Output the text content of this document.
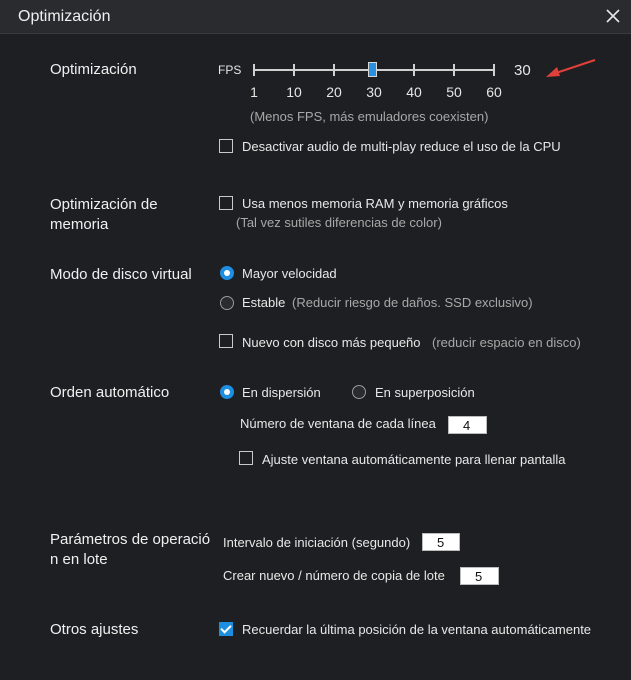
Optimización
Optimización	FPS
1	10	20	30	40	50	60
30
(Menos FPS, más emuladores coexisten)
Desactivar audio de multi-play reduce el uso de la CPU
Optimización de
memoria
Usa menos memoria RAM y memoria gráficos
(Tal vez sutiles diferencias de color)
Modo de disco virtual	Mayor velocidad
Estable (Reducir riesgo de daños. SSD exclusivo)
Nuevo con disco más pequeño (reducir espacio en disco)
Orden automático	En dispersión	En superposición
Número de ventana de cada línea	4
Ajuste ventana automáticamente para llenar pantalla
Parámetros de operació
n en lote
Intervalo de iniciación (segundo)	5
Crear nuevo / número de copia de lote	5
Otros ajustes	Recuerdar la última posición de la ventana automáticamente
